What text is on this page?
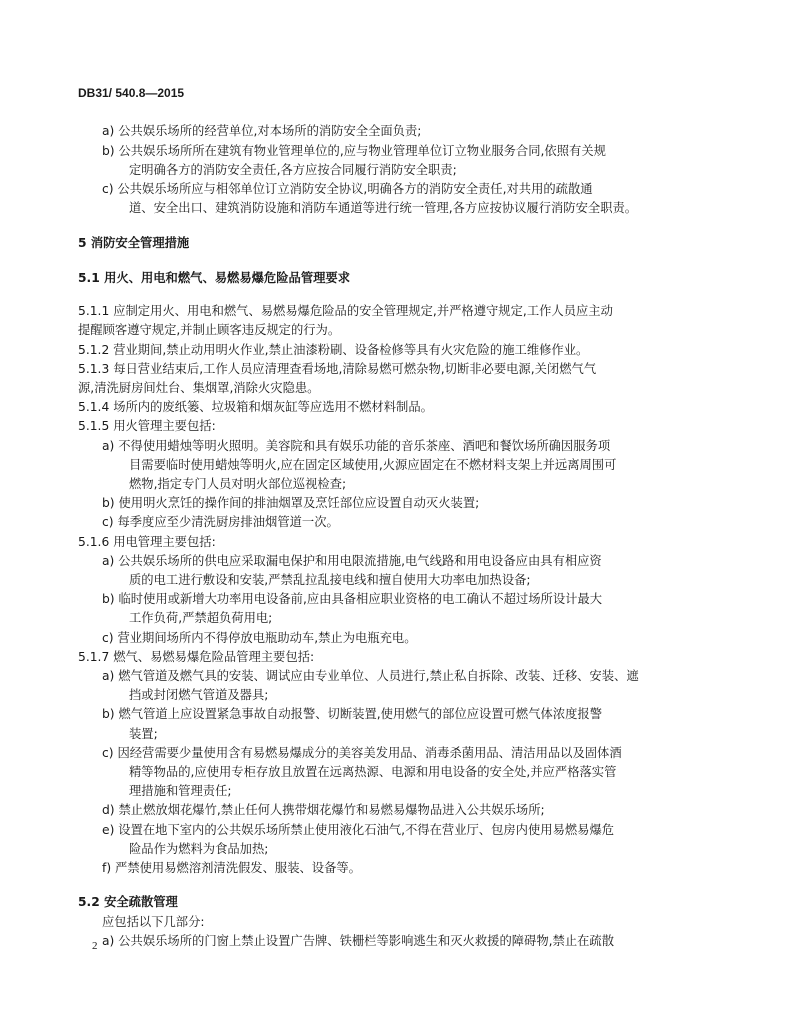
DB31/ 540.8—2015
a) 公共娱乐场所的经营单位,对本场所的消防安全全面负责;
b) 公共娱乐场所所在建筑有物业管理单位的,应与物业管理单位订立物业服务合同,依照有关规
定明确各方的消防安全责任,各方应按合同履行消防安全职责;
c) 公共娱乐场所应与相邻单位订立消防安全协议,明确各方的消防安全责任,对共用的疏散通
道、安全出口、建筑消防设施和消防车通道等进行统一管理,各方应按协议履行消防安全职责。
5 消防安全管理措施
5.1 用火、用电和燃气、易燃易爆危险品管理要求
5.1.1 应制定用火、用电和燃气、易燃易爆危险品的安全管理规定,并严格遵守规定,工作人员应主动
提醒顾客遵守规定,并制止顾客违反规定的行为。
5.1.2 营业期间,禁止动用明火作业,禁止油漆粉刷、设备检修等具有火灾危险的施工维修作业。
5.1.3 每日营业结束后,工作人员应清理查看场地,清除易燃可燃杂物,切断非必要电源,关闭燃气气
源,清洗厨房间灶台、集烟罩,消除火灾隐患。
5.1.4 场所内的废纸篓、垃圾箱和烟灰缸等应选用不燃材料制品。
5.1.5 用火管理主要包括:
a) 不得使用蜡烛等明火照明。美容院和具有娱乐功能的音乐茶座、酒吧和餐饮场所确因服务项
目需要临时使用蜡烛等明火,应在固定区域使用,火源应固定在不燃材料支架上并远离周围可
燃物,指定专门人员对明火部位巡视检查;
b) 使用明火烹饪的操作间的排油烟罩及烹饪部位应设置自动灭火装置;
c) 每季度应至少清洗厨房排油烟管道一次。
5.1.6 用电管理主要包括:
a) 公共娱乐场所的供电应采取漏电保护和用电限流措施,电气线路和用电设备应由具有相应资
质的电工进行敷设和安装,严禁乱拉乱接电线和擅自使用大功率电加热设备;
b) 临时使用或新增大功率用电设备前,应由具备相应职业资格的电工确认不超过场所设计最大
工作负荷,严禁超负荷用电;
c) 营业期间场所内不得停放电瓶助动车,禁止为电瓶充电。
5.1.7 燃气、易燃易爆危险品管理主要包括:
a) 燃气管道及燃气具的安装、调试应由专业单位、人员进行,禁止私自拆除、改装、迁移、安装、遮
挡或封闭燃气管道及器具;
b) 燃气管道上应设置紧急事故自动报警、切断装置,使用燃气的部位应设置可燃气体浓度报警
装置;
c) 因经营需要少量使用含有易燃易爆成分的美容美发用品、消毒杀菌用品、清洁用品以及固体酒
精等物品的,应使用专柜存放且放置在远离热源、电源和用电设备的安全处,并应严格落实管
理措施和管理责任;
d) 禁止燃放烟花爆竹,禁止任何人携带烟花爆竹和易燃易爆物品进入公共娱乐场所;
e) 设置在地下室内的公共娱乐场所禁止使用液化石油气,不得在营业厅、包房内使用易燃易爆危
险品作为燃料为食品加热;
f) 严禁使用易燃溶剂清洗假发、服装、设备等。
5.2 安全疏散管理
应包括以下几部分:
a) 公共娱乐场所的门窗上禁止设置广告牌、铁栅栏等影响逃生和灭火救援的障碍物,禁止在疏散
2
